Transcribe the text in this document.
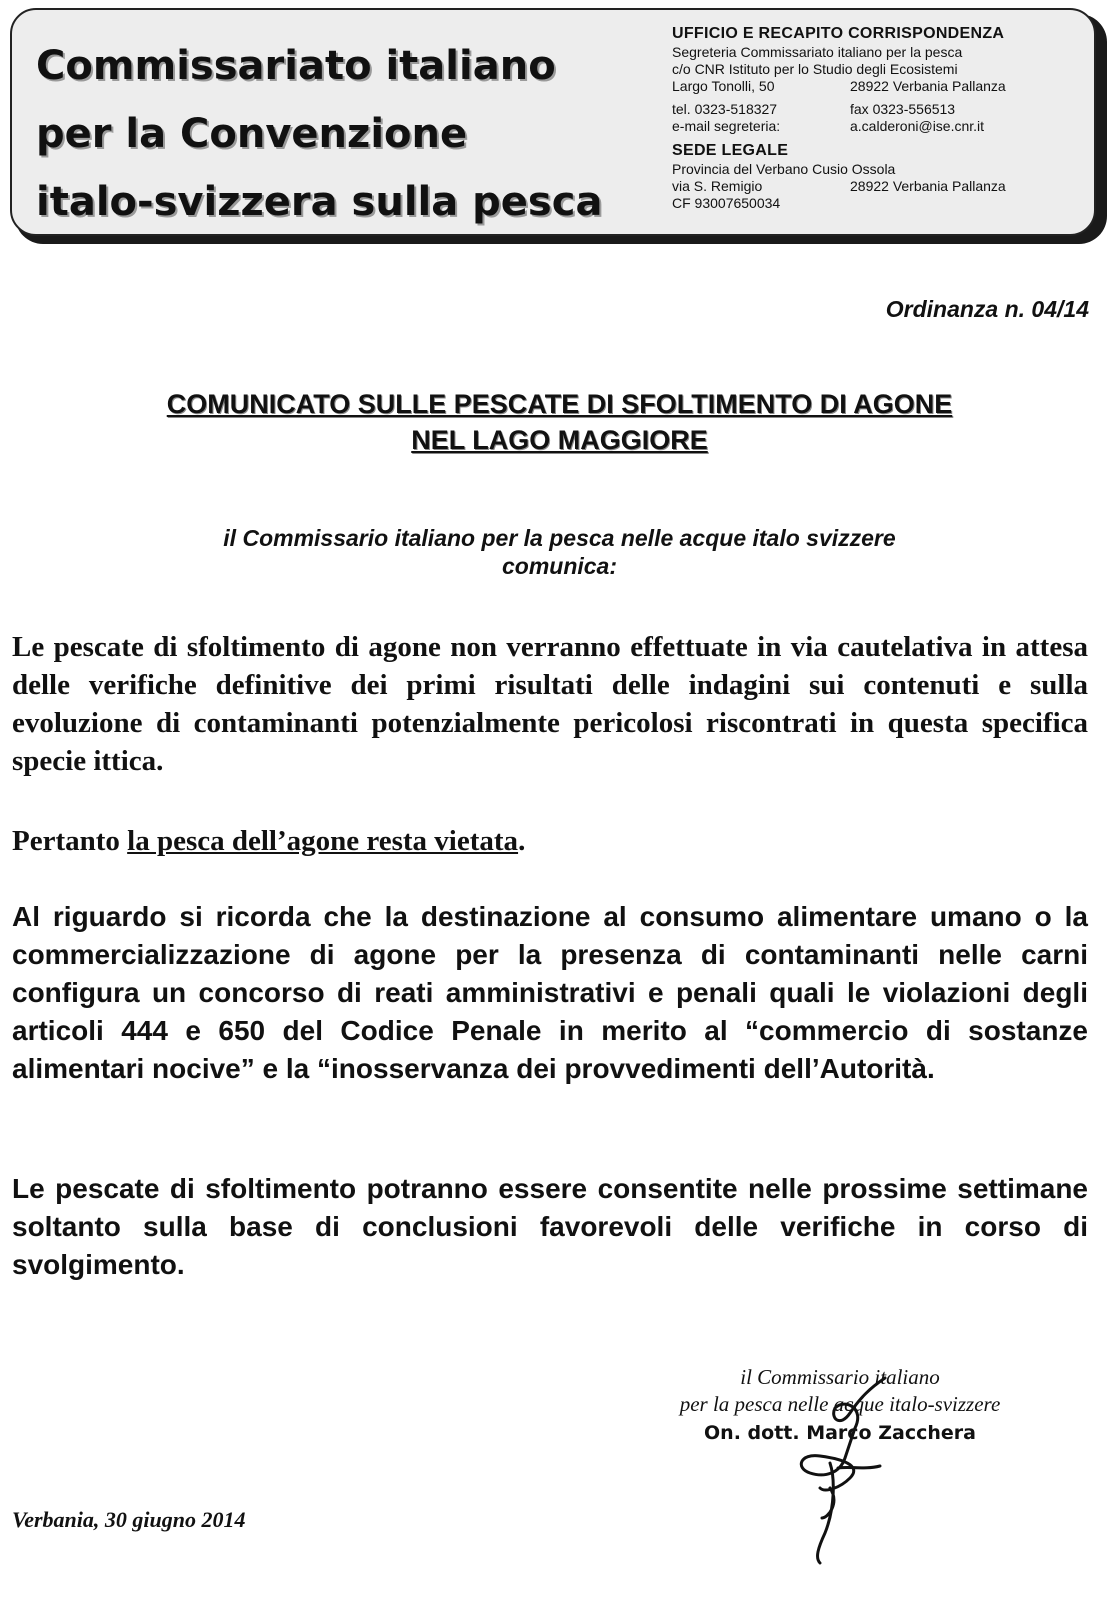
Commissariato italiano
per la Convenzione
italo-svizzera sulla pesca
UFFICIO E RECAPITO CORRISPONDENZA
Segreteria Commissariato italiano per la pesca
c/o CNR Istituto per lo Studio degli Ecosistemi
Largo Tonolli, 50	28922 Verbania Pallanza
tel. 0323-518327	fax 0323-556513
e-mail segreteria:	a.calderoni@ise.cnr.it
SEDE LEGALE
Provincia del Verbano Cusio Ossola
via S. Remigio	28922 Verbania Pallanza
CF 93007650034
Ordinanza n. 04/14
COMUNICATO SULLE PESCATE DI SFOLTIMENTO DI AGONE
NEL LAGO MAGGIORE
il Commissario italiano per la pesca nelle acque italo svizzere
comunica:
Le pescate di sfoltimento di agone non verranno effettuate in via cautelativa in attesa delle verifiche definitive dei primi risultati delle indagini sui contenuti e sulla evoluzione di contaminanti potenzialmente pericolosi riscontrati in questa specifica specie ittica.
Pertanto la pesca dell’agone resta vietata.
Al riguardo si ricorda che la destinazione al consumo alimentare umano o la commercializzazione di agone per la presenza di contaminanti nelle carni configura un concorso di reati amministrativi e penali quali le violazioni degli articoli 444 e 650 del Codice Penale in merito al “commercio di sostanze alimentari nocive” e la “inosservanza dei provvedimenti dell’Autorità.
Le pescate di sfoltimento potranno essere consentite nelle prossime settimane soltanto sulla base di conclusioni favorevoli delle verifiche in corso di svolgimento.
il Commissario italiano
per la pesca nelle acque italo-svizzere
On. dott. Marco Zacchera
Verbania, 30 giugno 2014
